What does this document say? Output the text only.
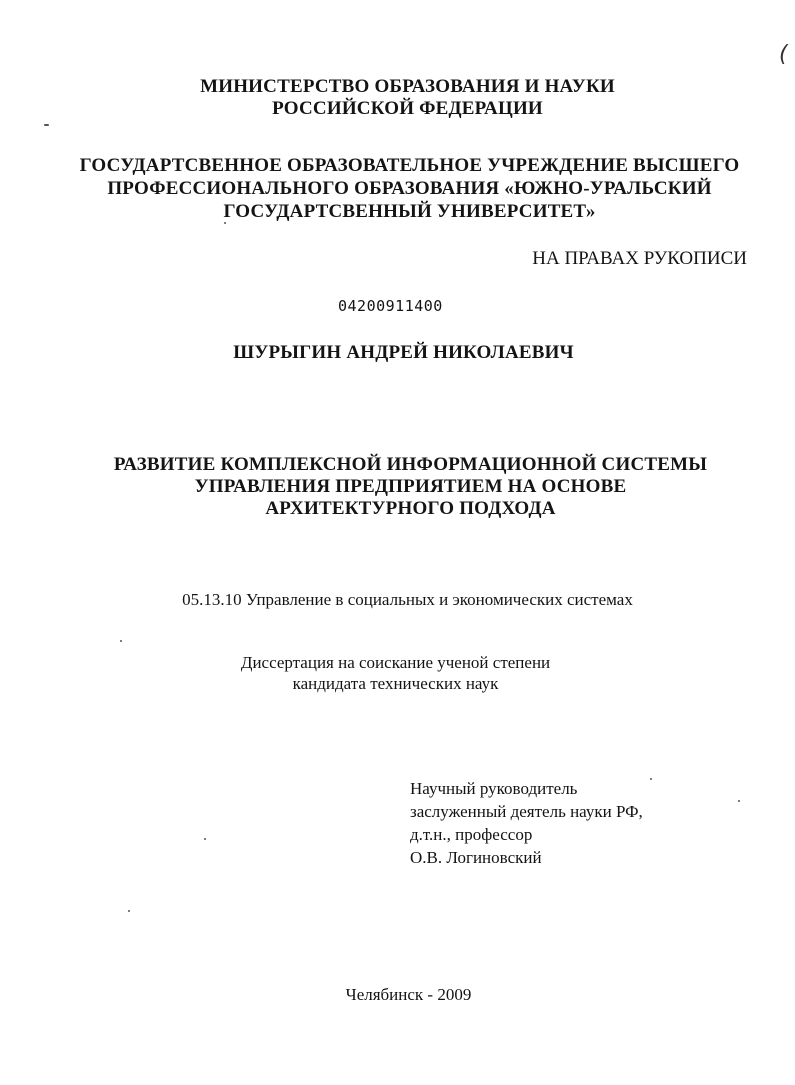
(
МИНИСТЕРСТВО ОБРАЗОВАНИЯ И НАУКИ
РОССИЙСКОЙ ФЕДЕРАЦИИ
ГОСУДАРТСВЕННОЕ ОБРАЗОВАТЕЛЬНОЕ УЧРЕЖДЕНИЕ ВЫСШЕГО
ПРОФЕССИОНАЛЬНОГО ОБРАЗОВАНИЯ «ЮЖНО-УРАЛЬСКИЙ
ГОСУДАРТСВЕННЫЙ УНИВЕРСИТЕТ»
НА ПРАВАХ РУКОПИСИ
04200911400
ШУРЫГИН АНДРЕЙ НИКОЛАЕВИЧ
РАЗВИТИЕ КОМПЛЕКСНОЙ ИНФОРМАЦИОННОЙ СИСТЕМЫ
УПРАВЛЕНИЯ ПРЕДПРИЯТИЕМ НА ОСНОВЕ
АРХИТЕКТУРНОГО ПОДХОДА
05.13.10 Управление в социальных и экономических системах
Диссертация на соискание ученой степени
кандидата технических наук
Научный руководитель
заслуженный деятель науки РФ,
д.т.н., профессор
О.В. Логиновский
Челябинск - 2009
